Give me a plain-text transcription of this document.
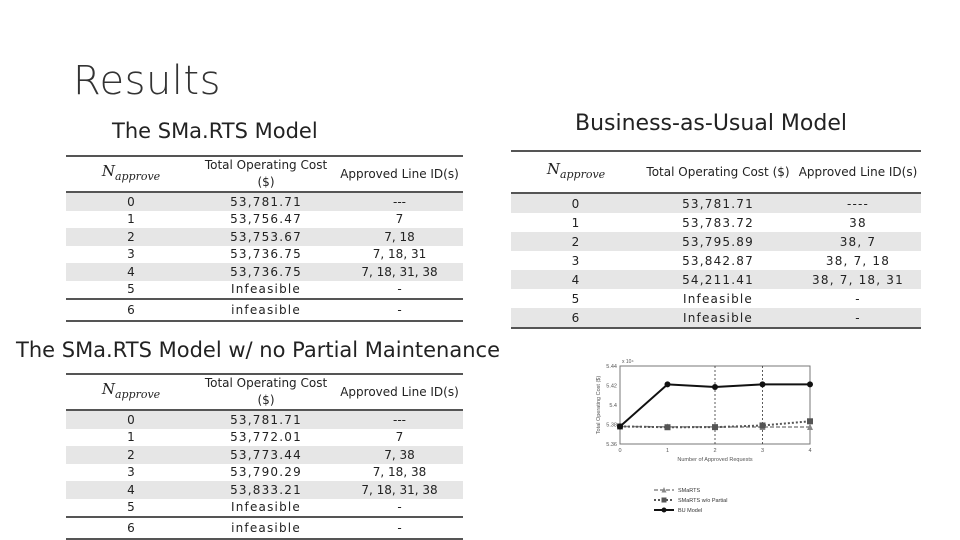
Results
The SMa.RTS Model	Business-as-Usual Model
The SMa.RTS Model w/ no Partial Maintenance
$N_{approve}$	Total Operating Cost ($)	Approved Line ID(s)
0	53,781.71	---
1	53,756.47	7
2	53,753.67	7, 18
3	53,736.75	7, 18, 31
4	53,736.75	7, 18, 31, 38
5	Infeasible	-
6	infeasible	-
$N_{approve}$	Total Operating Cost ($)	Approved Line ID(s)
0	53,781.71	----
1	53,783.72	38
2	53,795.89	38, 7
3	53,842.87	38, 7, 18
4	54,211.41	38, 7, 18, 31
5	Infeasible	-
6	Infeasible	-
$N_{approve}$	Total Operating Cost ($)	Approved Line ID(s)
0	53,781.71	---
1	53,772.01	7
2	53,773.44	7, 38
3	53,790.29	7, 18, 38
4	53,833.21	7, 18, 31, 38
5	Infeasible	-
6	infeasible	-
5.44
5.42
5.4
5.38
5.36
0	1	2	3	4
x 10⁴
Number of Approved Requests
Total Operating Cost ($)
SMaRTS
SMaRTS w/o Partial
BU Model
